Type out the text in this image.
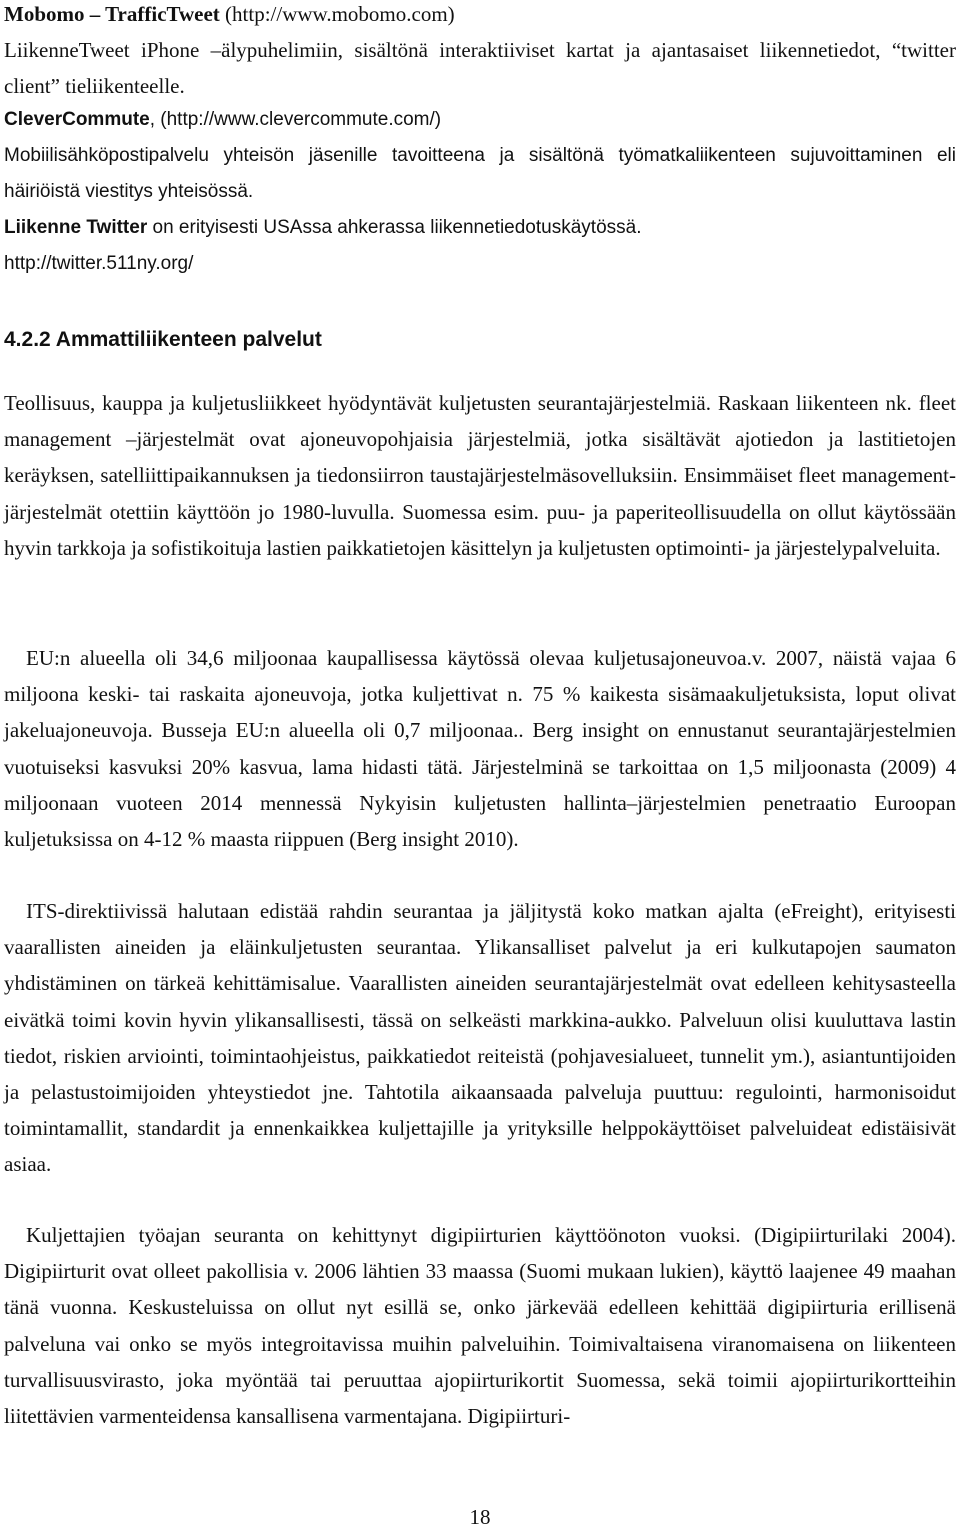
Mobomo – TrafficTweet (http://www.mobomo.com)
LiikenneTweet iPhone –älypuhelimiin, sisältönä interaktiiviset kartat ja ajantasaiset liikennetiedot, “twitter client” tieliikenteelle.

CleverCommute, (http://www.clevercommute.com/)
Mobiilisähköpostipalvelu yhteisön jäsenille tavoitteena ja sisältönä työmatkaliikenteen sujuvoittaminen eli häiriöistä viestitys yhteisössä.

Liikenne Twitter on erityisesti USAssa ahkerassa liikennetiedotuskäytössä.
http://twitter.511ny.org/

4.2.2 Ammattiliikenteen palvelut

Teollisuus, kauppa ja kuljetusliikkeet hyödyntävät kuljetusten seurantajärjestelmiä. Raskaan liikenteen nk. fleet management –järjestelmät ovat ajoneuvopohjaisia järjestelmiä, jotka sisältävät ajotiedon ja lastitietojen keräyksen, satelliittipaikannuksen ja tiedonsiirron taustajärjestelmäsovelluksiin. Ensimmäiset fleet management- järjestelmät otettiin käyttöön jo 1980-luvulla. Suomessa esim. puu- ja paperiteollisuudella on ollut käytössään hyvin tarkkoja ja sofistikoituja lastien paikkatietojen käsittelyn ja kuljetusten optimointi- ja järjestelypalveluita.

EU:n alueella oli 34,6 miljoonaa kaupallisessa käytössä olevaa kuljetusajoneuvoa.v. 2007, näistä vajaa 6 miljoona keski- tai raskaita ajoneuvoja, jotka kuljettivat n. 75 % kaikesta sisämaakuljetuksista, loput olivat jakeluajoneuvoja. Busseja EU:n alueella oli 0,7 miljoonaa.. Berg insight on ennustanut seurantajärjestelmien vuotuiseksi kasvuksi 20% kasvua, lama hidasti tätä. Järjestelminä se tarkoittaa on 1,5 miljoonasta (2009) 4 miljoonaan vuoteen 2014 mennessä Nykyisin kuljetusten hallinta–järjestelmien penetraatio Euroopan kuljetuksissa on 4-12 % maasta riippuen (Berg insight 2010).

ITS-direktiivissä halutaan edistää rahdin seurantaa ja jäljitystä koko matkan ajalta (eFreight), erityisesti vaarallisten aineiden ja eläinkuljetusten seurantaa. Ylikansalliset palvelut ja eri kulkutapojen saumaton yhdistäminen on tärkeä kehittämisalue. Vaarallisten aineiden seurantajärjestelmät ovat edelleen kehitysasteella eivätkä toimi kovin hyvin ylikansallisesti, tässä on selkeästi markkina-aukko. Palveluun olisi kuuluttava lastin tiedot, riskien arviointi, toimintaohjeistus, paikkatiedot reiteistä (pohjavesialueet, tunnelit ym.), asiantuntijoiden ja pelastustoimijoiden yhteystiedot jne. Tahtotila aikaansaada palveluja puuttuu: regulointi, harmonisoidut toimintamallit, standardit ja ennenkaikkea kuljettajille ja yrityksille helppokäyttöiset palveluideat edistäisivät asiaa.

Kuljettajien työajan seuranta on kehittynyt digipiirturien käyttöönoton vuoksi. (Digipiirturilaki 2004). Digipiirturit ovat olleet pakollisia v. 2006 lähtien 33 maassa (Suomi mukaan lukien), käyttö laajenee 49 maahan tänä vuonna. Keskusteluissa on ollut nyt esillä se, onko järkevää edelleen kehittää digipiirturia erillisenä palveluna vai onko se myös integroitavissa muihin palveluihin. Toimivaltaisena viranomaisena on liikenteen turvallisuusvirasto, joka myöntää tai peruuttaa ajopiirturikortit Suomessa, sekä toimii ajopiirturikortteihin liitettävien varmenteidensa kansallisena varmentajana. Digipiirturi-

18
